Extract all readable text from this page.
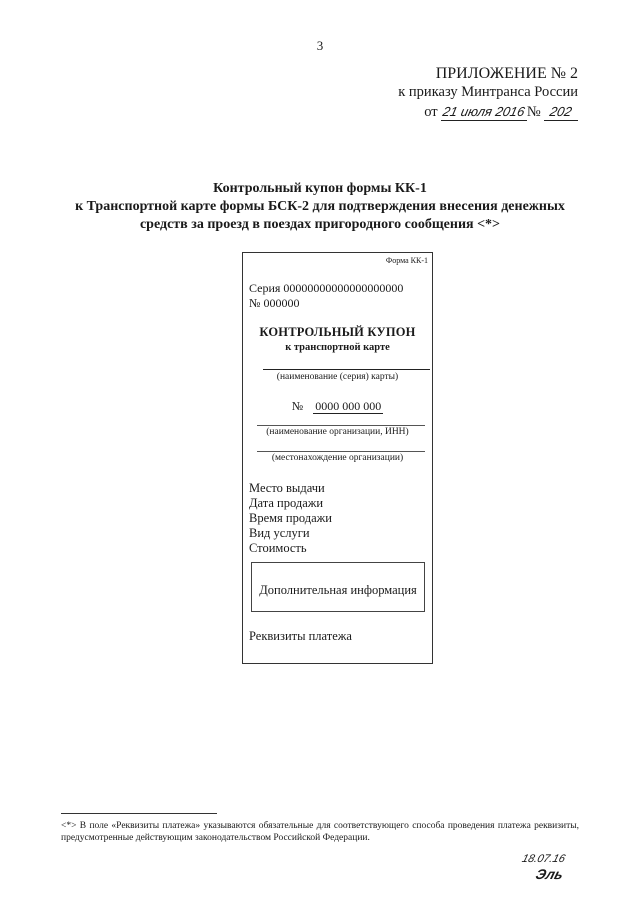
3
ПРИЛОЖЕНИЕ № 2
к приказу Минтранса России
от 21 июля 2016№ 202
Контрольный купон формы КК-1
к Транспортной карте формы БСК-2 для подтверждения внесения денежных
средств за проезд в поездах пригородного сообщения <*>
Форма КК-1
Серия 00000000000000000000
№ 000000
КОНТРОЛЬНЫЙ КУПОН
к транспортной карте
(наименование (серия) карты)
№ 0000 000 000
(наименование организации, ИНН)
(местонахождение организации)
Место выдачи
Дата продажи
Время продажи
Вид услуги
Стоимость
Дополнительная информация
Реквизиты платежа
<*> В поле «Реквизиты платежа» указываются обязательные для соответствующего способа проведения платежа реквизиты, предусмотренные действующим законодательством Российской Федерации.
18.07.16
Эль
